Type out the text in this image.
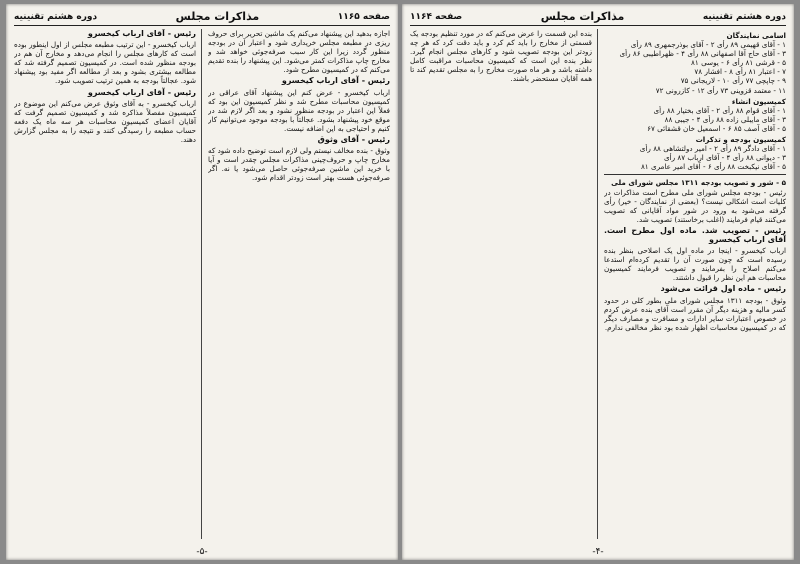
صفحه ۱۱۶۵
مذاکرات مجلس
دوره هشتم تقنینیه

اجازه بدهید این پیشنهاد می‌کنم یک ماشین تحریر برای حروف ریزی در مطبعه مجلس خریداری شود و اعتبار آن در بودجه منظور گردد زیرا این کار سبب صرفه‌جوئی خواهد شد و مخارج چاپ مذاکرات کمتر می‌شود. این پیشنهاد را بنده تقدیم می‌کنم که در کمیسیون مطرح شود.

رئیس - آقای ارباب کیخسرو

ارباب کیخسرو - عرض کنم این پیشنهاد آقای عراقی در کمیسیون محاسبات مطرح شد و نظر کمیسیون این بود که فعلاً این اعتبار در بودجه منظور نشود و بعد اگر لازم شد در موقع خود پیشنهاد بشود. عجالتاً با بودجه موجود می‌توانیم کار کنیم و احتیاجی به این اضافه نیست.

رئیس - آقای وثوق

وثوق - بنده مخالف نیستم ولی لازم است توضیح داده شود که مخارج چاپ و حروف‌چینی مذاکرات مجلس چقدر است و آیا با خرید این ماشین صرفه‌جوئی حاصل می‌شود یا نه. اگر صرفه‌جوئی هست بهتر است زودتر اقدام شود.

رئیس - آقای ارباب کیخسرو

ارباب کیخسرو - این ترتیب مطبعه مجلس از اول اینطور بوده است که کارهای مجلس را انجام می‌دهد و مخارج آن هم در بودجه منظور شده است. در کمیسیون تصمیم گرفته شد که مطالعه بیشتری بشود و بعد از مطالعه اگر مفید بود پیشنهاد شود. عجالتاً بودجه به همین ترتیب تصویب شود.

رئیس - آقای ارباب کیخسرو

ارباب کیخسرو - به آقای وثوق عرض می‌کنم این موضوع در کمیسیون مفصلاً مذاکره شد و کمیسیون تصمیم گرفت که آقایان اعضای کمیسیون محاسبات هر سه ماه یک دفعه حساب مطبعه را رسیدگی کنند و نتیجه را به مجلس گزارش دهند.

-۵-
دوره هشتم تقنینیه
مذاکرات مجلس
صفحه ۱۱۶۴
اسامی نمایندگان
۱ - آقای قهیمی ۸۹ رأی ۲ - آقای بوذرجمهری ۸۹ رأی
۳ - آقای حاج آقا اصفهانی ۸۸ رأی ۴ - ظهراطیبی ۸۶ رأی
۵ - قرشی ۸۱ رأی ۶ - یوسی ۸۱
۷ - اعتبار ۸۱ رأی ۸ - افشار ۷۸
۹ - چاپچی ۷۷ رأی ۱۰ - لاریجانی ۷۵
۱۱ - معتمد قزوینی ۷۳ رأی ۱۲ - کازرونی ۷۲
کمیسیون انشاء
۱ - آقای قوام ۸۸ رأی ۲ - آقای بختیار ۸۸ رأی
۳ - آقای مایبلی زاده ۸۸ رأی ۴ - جیبی ۸۸
۵ - آقای آصف ۸۵ ۶ - اسمعیل خان قشقائی ۶۷
کمیسیون بودجه و تذکرات
۱ - آقای دادگر ۸۹ رأی ۲ - امیر دولتشاهی ۸۸ رأی
۳ - دیوانی ۸۸ رأی ۴ - آقای ارباب ۸۷ رأی
۵ - آقای نیکبخت ۸۸ رأی ۶ - آقای امیر عامری ۸۱
۵ - شور و تصویب بودجه ۱۳۱۱ مجلس شورای ملی

رئیس - بودجه مجلس شورای ملی مطرح است مذاکرات در کلیات است اشکالی نیست؟ (بعضی از نمایندگان - خیر) رأی گرفته می‌شود به ورود در شور مواد آقایانی که تصویب می‌کنند قیام فرمایند (اغلب برخاستند) تصویب شد.

رئیس - تصویب شد. ماده اول مطرح است. آقای ارباب کیخسرو

ارباب کیخسرو - اینجا در ماده اول یک اصلاحی بنظر بنده رسیده است که چون صورت آن را تقدیم کرده‌ام استدعا می‌کنم اصلاح را بفرمایند و تصویب فرمایند کمیسیون محاسبات هم این نظر را قبول داشتند.

رئیس - ماده اول قرائت می‌شود

وثوق - بودجه ۱۳۱۱ مجلس شورای ملی بطور کلی در حدود کسر مالیه و هزینه دیگر آن مقرر است آقای بنده عرض کردم در خصوص اعتبارات سایر ادارات و مسافرت و مصارف دیگر که در کمیسیون محاسبات اظهار شده بود نظر مخالفی ندارم.

بنده این قسمت را عرض می‌کنم که در مورد تنظیم بودجه یک قسمتی از مخارج را باید کم کرد و باید دقت کرد که هر چه زودتر این بودجه تصویب شود و کارهای مجلس انجام گیرد. نظر بنده این است که کمیسیون محاسبات مراقبت کامل داشته باشد و هر ماه صورت مخارج را به مجلس تقدیم کند تا همه آقایان مستحضر باشند.

-۴-
